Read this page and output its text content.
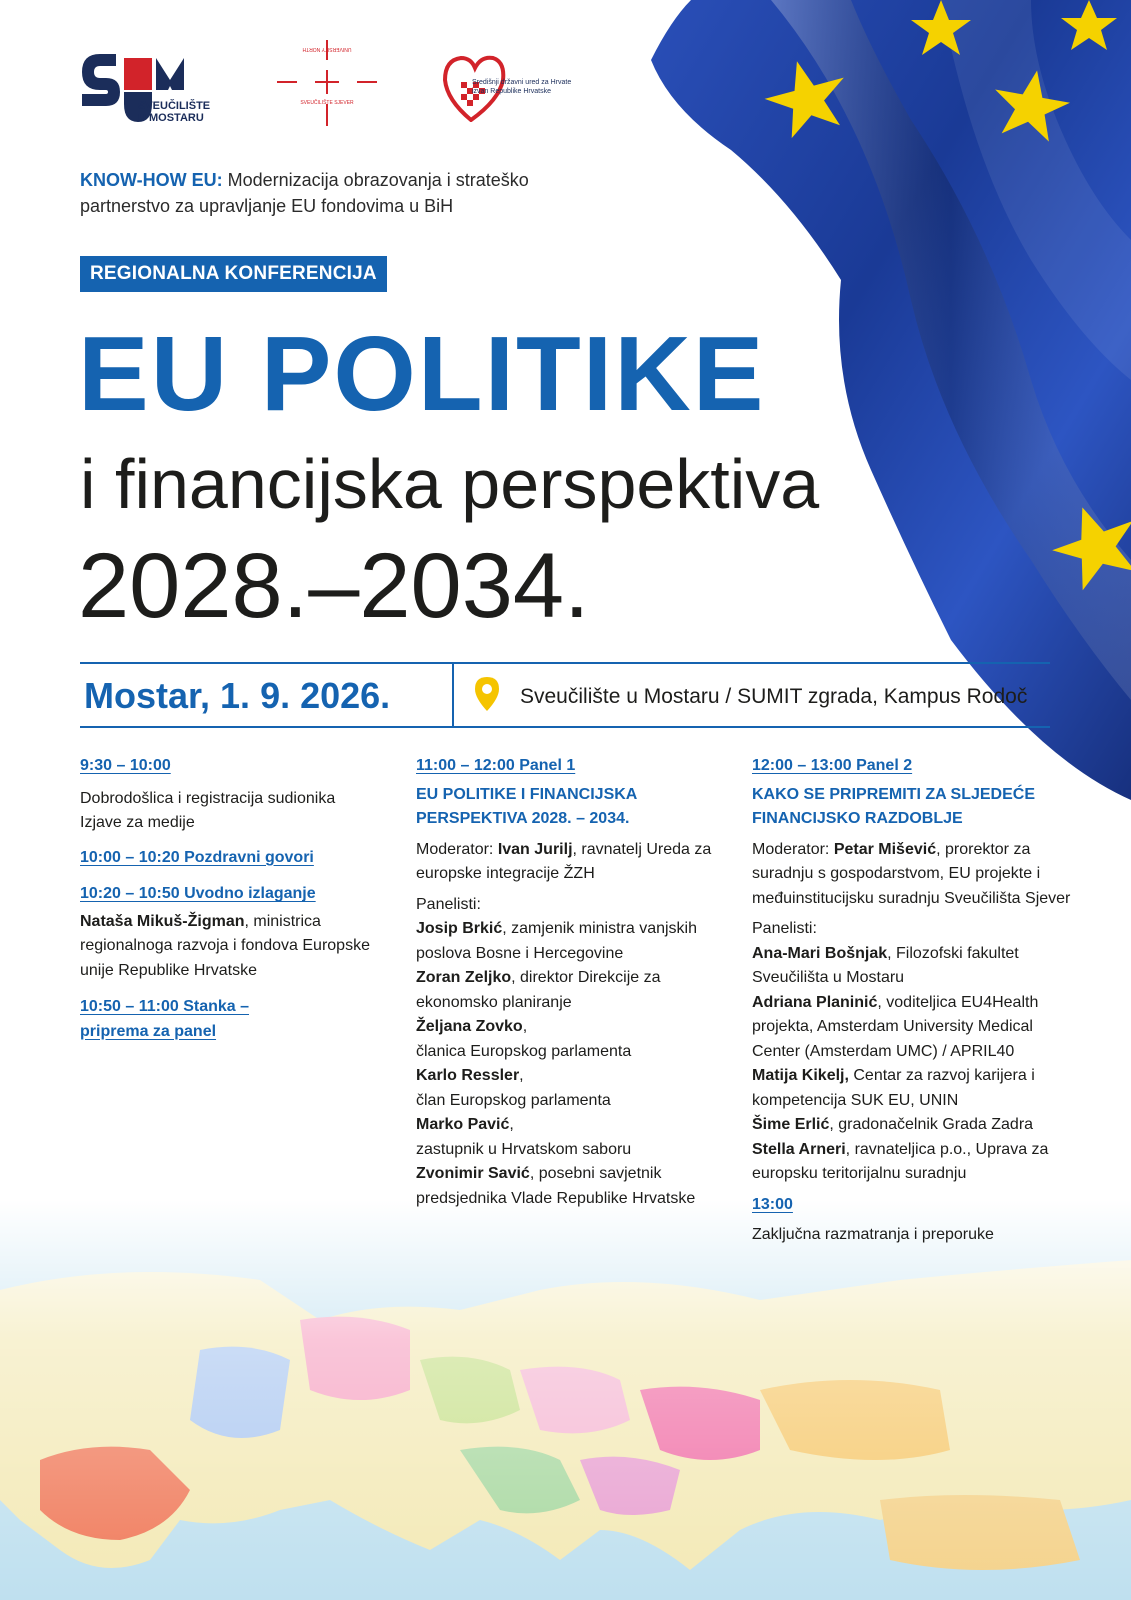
SVEUČILIŠTE
U MOSTARU
UNIVERSITY NORTH
SVEUČILIŠTE SJEVER
Središnji državni ured za Hrvate
izvan Republike Hrvatske
KNOW-HOW EU: Modernizacija obrazovanja i strateško partnerstvo za upravljanje EU fondovima u BiH
REGIONALNA KONFERENCIJA
EU POLITIKE
i financijska perspektiva
2028.–2034.
Mostar, 1. 9. 2026.	Sveučilište u Mostaru / SUMIT zgrada, Kampus Rodoč
9:30 – 10:00
Dobrodošlica i registracija sudionika
Izjave za medije
10:00 – 10:20 Pozdravni govori
10:20 – 10:50 Uvodno izlaganje
Nataša Mikuš-Žigman, ministrica regionalnoga razvoja i fondova Europske unije Republike Hrvatske
10:50 – 11:00 Stanka –
priprema za panel
11:00 – 12:00 Panel 1
EU POLITIKE I FINANCIJSKA
PERSPEKTIVA 2028. – 2034.
Moderator: Ivan Jurilj, ravnatelj Ureda za europske integracije ŽZH
Panelisti:
Josip Brkić, zamjenik ministra vanjskih poslova Bosne i Hercegovine
Zoran Zeljko, direktor Direkcije za ekonomsko planiranje
Željana Zovko,
članica Europskog parlamenta
Karlo Ressler,
član Europskog parlamenta
Marko Pavić,
zastupnik u Hrvatskom saboru
Zvonimir Savić, posebni savjetnik predsjednika Vlade Republike Hrvatske
12:00 – 13:00 Panel 2
KAKO SE PRIPREMITI ZA SLJEDEĆE
FINANCIJSKO RAZDOBLJE
Moderator: Petar Mišević, prorektor za suradnju s gospodarstvom, EU projekte i međuinstitucijsku suradnju Sveučilišta Sjever
Panelisti:
Ana-Mari Bošnjak, Filozofski fakultet Sveučilišta u Mostaru
Adriana Planinić, voditeljica EU4Health projekta, Amsterdam University Medical Center (Amsterdam UMC) / APRIL40
Matija Kikelj, Centar za razvoj karijera i kompetencija SUK EU, UNIN
Šime Erlić, gradonačelnik Grada Zadra
Stella Arneri, ravnateljica p.o., Uprava za europsku teritorijalnu suradnju
13:00
Zaključna razmatranja i preporuke
